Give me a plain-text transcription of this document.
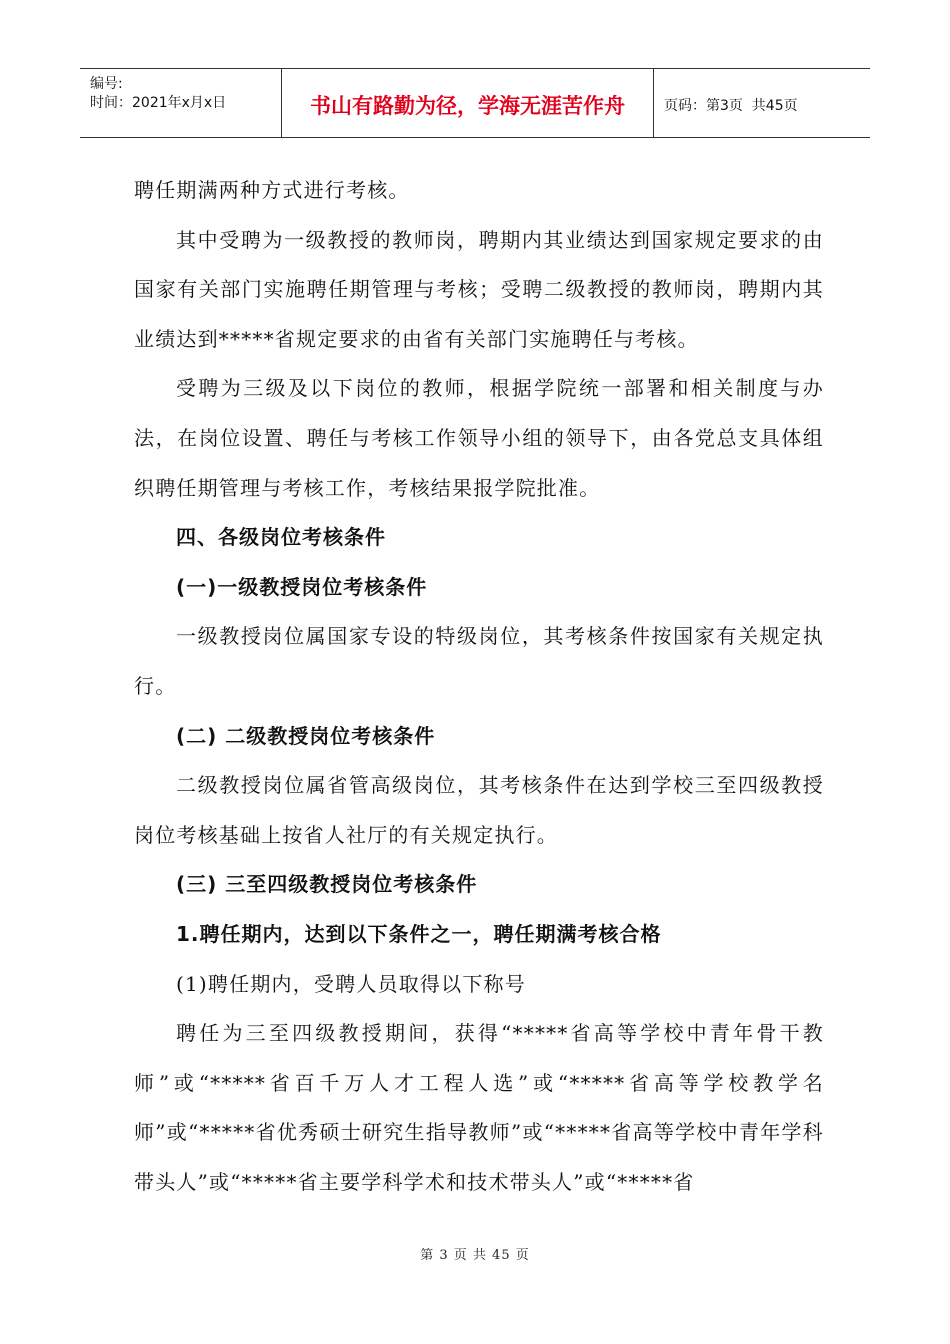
编号:
时间：2021年x月x日	书山有路勤为径，学海无涯苦作舟	页码：第3页  共45页

聘任期满两种方式进行考核。

其中受聘为一级教授的教师岗，聘期内其业绩达到国家规定要求的由国家有关部门实施聘任期管理与考核；受聘二级教授的教师岗，聘期内其业绩达到*****省规定要求的由省有关部门实施聘任与考核。

受聘为三级及以下岗位的教师，根据学院统一部署和相关制度与办法，在岗位设置、聘任与考核工作领导小组的领导下，由各党总支具体组织聘任期管理与考核工作，考核结果报学院批准。

四、各级岗位考核条件

(一)一级教授岗位考核条件

一级教授岗位属国家专设的特级岗位，其考核条件按国家有关规定执行。

(二) 二级教授岗位考核条件

二级教授岗位属省管高级岗位，其考核条件在达到学校三至四级教授岗位考核基础上按省人社厅的有关规定执行。

(三) 三至四级教授岗位考核条件

1.聘任期内，达到以下条件之一，聘任期满考核合格

(1)聘任期内，受聘人员取得以下称号

聘任为三至四级教授期间，获得“*****省高等学校中青年骨干教师”或“*****省百千万人才工程人选”或“*****省高等学校教学名师”或“*****省优秀硕士研究生指导教师”或“*****省高等学校中青年学科带头人”或“*****省主要学科学术和技术带头人”或“*****省

第 3 页 共 45 页
